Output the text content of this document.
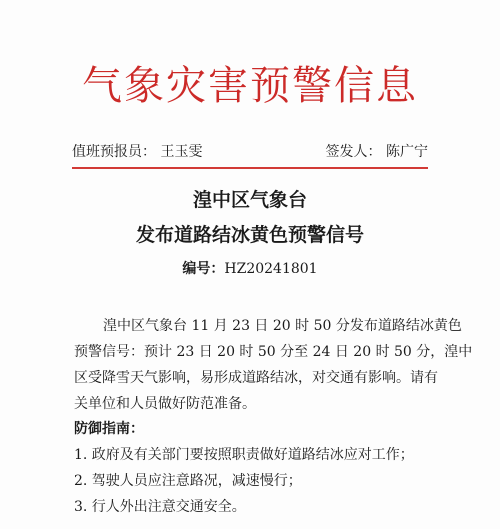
气象灾害预警信息
值班预报员： 王玉雯	签发人： 陈广宁
湟中区气象台
发布道路结冰黄色预警信号
编号：HZ20241801
湟中区气象台 11 月 23 日 20 时 50 分发布道路结冰黄色
预警信号：预计 23 日 20 时 50 分至 24 日 20 时 50 分，湟中
区受降雪天气影响，易形成道路结冰，对交通有影响。请有
关单位和人员做好防范准备。
防御指南：
1. 政府及有关部门要按照职责做好道路结冰应对工作；
2. 驾驶人员应注意路况，减速慢行；
3. 行人外出注意交通安全。
